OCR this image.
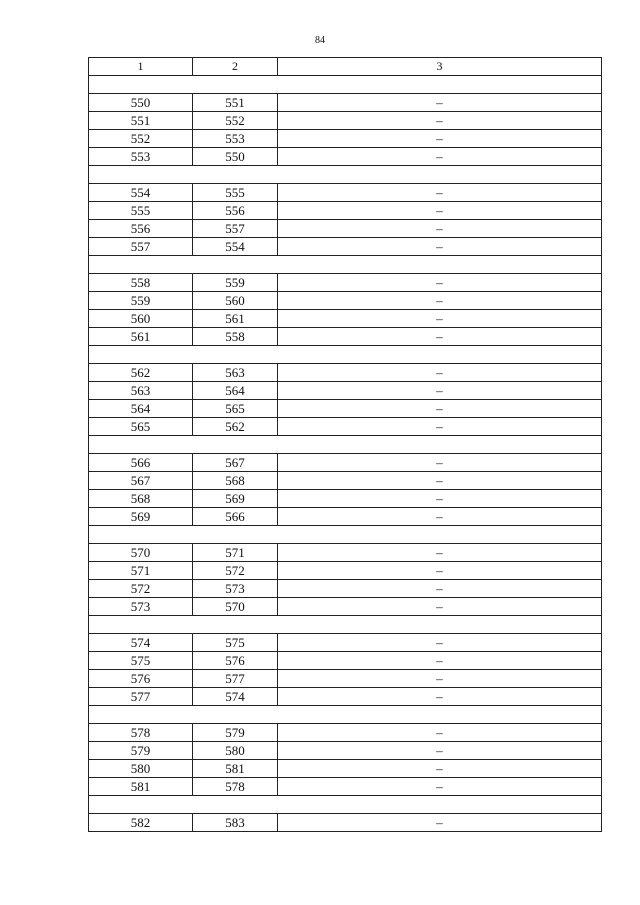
84
1	2	3

550	551	–
551	552	–
552	553	–
553	550	–

554	555	–
555	556	–
556	557	–
557	554	–

558	559	–
559	560	–
560	561	–
561	558	–

562	563	–
563	564	–
564	565	–
565	562	–

566	567	–
567	568	–
568	569	–
569	566	–

570	571	–
571	572	–
572	573	–
573	570	–

574	575	–
575	576	–
576	577	–
577	574	–

578	579	–
579	580	–
580	581	–
581	578	–

582	583	–
